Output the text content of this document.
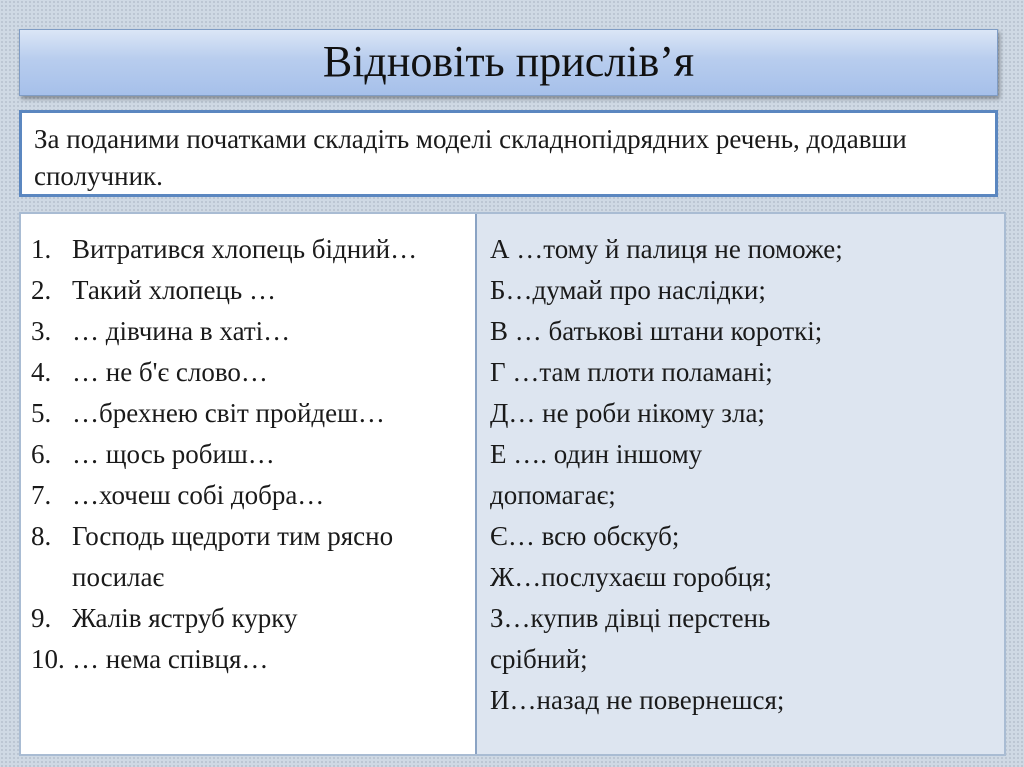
Відновіть прислів’я
За поданими початками складіть моделі складнопідрядних речень, додавши сполучник.
1. Витратився хлопець бідний…
2. Такий хлопець …
3. … дівчина в хаті…
4. … не б'є слово…
5. …брехнею світ пройдеш…
6. … щось робиш…
7. …хочеш собі добра…
8. Господь щедроти тим рясно посилає
9. Жалів яструб курку
10. … нема співця…
А …тому й палиця не поможе;
Б…думай про наслідки;
В … батькові штани короткі;
Г …там плоти поламані;
Д… не роби нікому зла;
Е …. один іншому допомагає;
Є… всю обскуб;
Ж…послухаєш горобця;
З…купив дівці перстень срібний;
И…назад не повернешся;
